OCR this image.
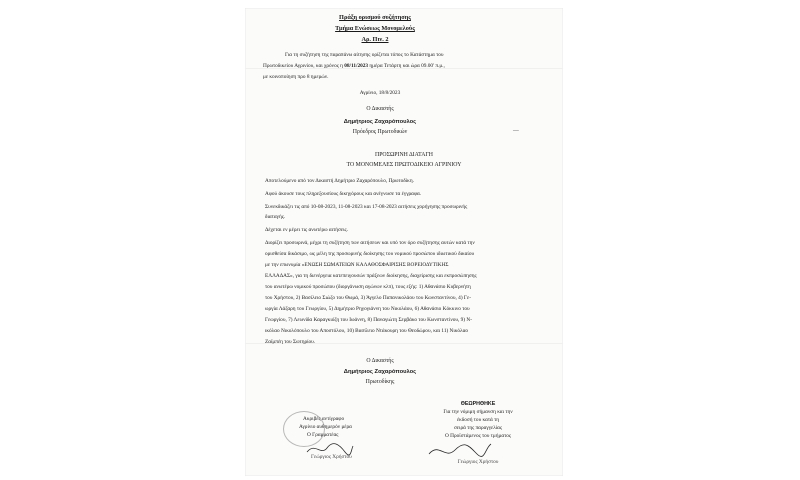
Πράξη ορισμού συζήτησης
Τμήμα Ενώσεως Μονομελούς
Αρ. Πιν. 2
Για τη συζήτηση της παραπάνω αίτησης ορίζεται τόπος το Κατάστημα του
Πρωτοδικείου Αγρινίου, και χρόνος η 08/11/2023 ημέρα Τετάρτη και ώρα 09.00' π.μ.,
με κοινοποίηση προ 8 ημερών.
Αγρίνιο, 18/8/2023
Ο Δικαστής
Δημήτριος Ζαχαρόπουλος
Πρόεδρος Πρωτοδικών	―
ΠΡΟΣΩΡΙΝΗ ΔΙΑΤΑΓΗ
ΤΟ ΜΟΝΟΜΕΛΕΣ ΠΡΩΤΟΔΙΚΕΙΟ ΑΓΡΙΝΙΟΥ
Αποτελούμενο από τον Δικαστή Δημήτριο Ζαχαρόπουλο, Πρωτοδίκη.
Αφού άκουσε τους πληρεξουσίους δικηγόρους και ανέγνωσε τα έγγραφα.
Συνεκδικάζει τις από 10-08-2023, 11-08-2023 και 17-08-2023 αιτήσεις χορήγησης προσωρινής
διαταγής.
Δέχεται εν μέρει τις ανωτέρω αιτήσεις.
Διορίζει προσωρινά, μέχρι τη συζήτηση των αιτήσεων και υπό τον όρο συζήτησης αυτών κατά την
ορισθείσα δικάσιμο, ως μέλη της προσωρινής διοίκησης του νομικού προσώπου ιδιωτικού δικαίου
με την επωνυμία «ΕΝΩΣΗ ΣΩΜΑΤΕΙΩΝ ΚΑΛΑΘΟΣΦΑΙΡΙΣΗΣ ΒΟΡΕΙΟΔΥΤΙΚΗΣ
ΕΛΛΑΔΑΣ», για τη διενέργεια κατεπειγουσών πράξεων διοίκησης, διαχείρισης και εκπροσώπησης
του ανωτέρω νομικού προσώπου (διοργάνωση αγώνων κλπ), τους εξής: 1) Αθανάσιο Κυβερνήτη
του Χρήστου, 2) Βασίλειο Σιώζο του Θωμά, 3) Άγγελο Παπανικολάου του Κωνσταντίνου, 4) Γε-
ωργία Λάζαρη του Γεωργίου, 5) Δημήτριο Ρηγογιάννη του Νικολάου, 6) Αθανάσιο Κόκκινο του
Γεωργίου, 7) Λεωνίδα Καραγκιόζη του Ιωάννη, 8) Παναγιώτη Σερβάκο του Κωνσταντίνου, 9) Ν-
ικόλαο Νικολόπουλο του Αποστόλου, 10) Βασίλειο Ντάκουρη του Θεοδώρου, και 11) Νικόλαο
Ζαϊμπέη του Σωτηρίου.
Ο Δικαστής
Δημήτριος Ζαχαρόπουλος
Πρωτοδίκης
Ακριβές αντίγραφο
Αγρίνιο αυθημερόν μέρα
Ο Γραμματέας
Γεώργιος Χρήστου
ΘΕΩΡΗΘΗΚΕ
Για την νόμιμη σήμανση και την
έκδοσή του κατά τη
σειρά της παραγγελίας
Ο Προϊστάμενος του τμήματος
Γεώργιος Χρήστου
